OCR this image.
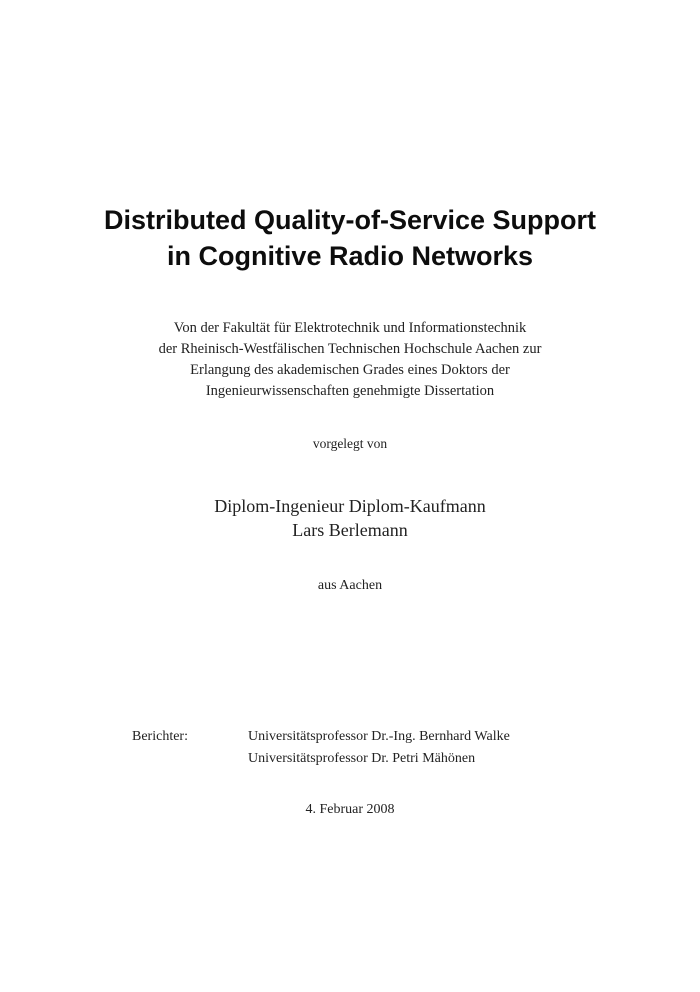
Distributed Quality-of-Service Support
in Cognitive Radio Networks
Von der Fakultät für Elektrotechnik und Informationstechnik
der Rheinisch-Westfälischen Technischen Hochschule Aachen zur
Erlangung des akademischen Grades eines Doktors der
Ingenieurwissenschaften genehmigte Dissertation
vorgelegt von
Diplom-Ingenieur Diplom-Kaufmann
Lars Berlemann
aus Aachen
Berichter:	Universitätsprofessor Dr.-Ing. Bernhard Walke
Universitätsprofessor Dr. Petri Mähönen
4. Februar 2008
